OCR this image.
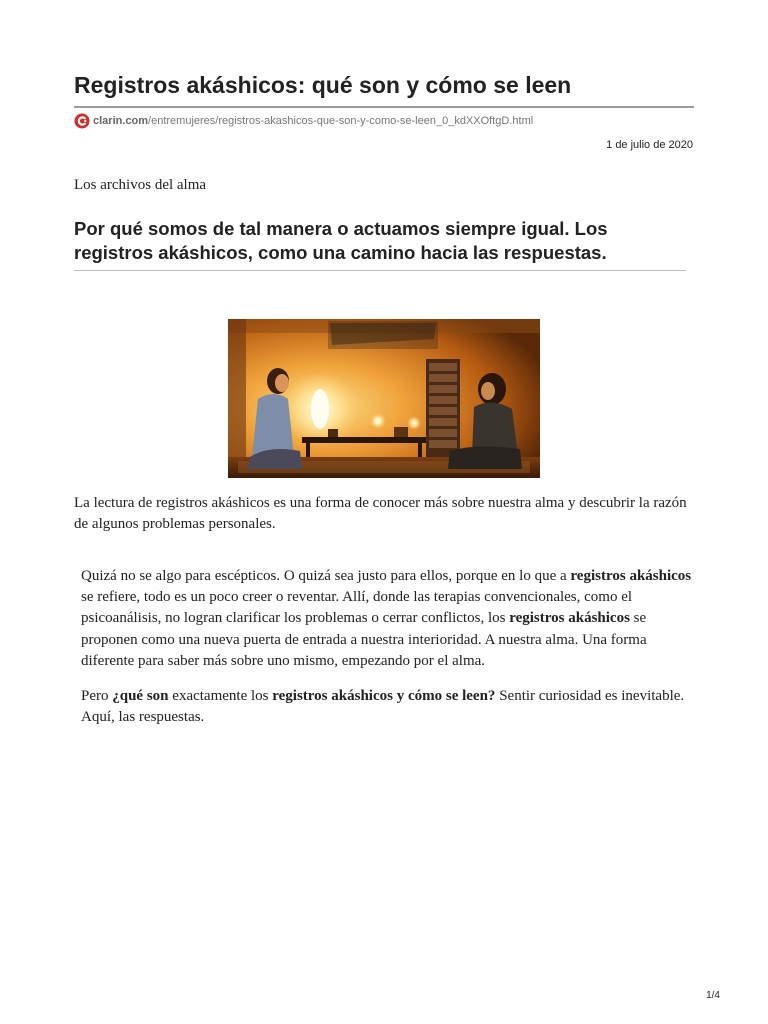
Registros akáshicos: qué son y cómo se leen
clarin.com /entremujeres/registros-akashicos-que-son-y-como-se-leen_0_kdXXOftgD.html
1 de julio de 2020
Los archivos del alma
Por qué somos de tal manera o actuamos siempre igual. Los registros akáshicos, como una camino hacia las respuestas.

La lectura de registros akáshicos es una forma de conocer más sobre nuestra alma y descubrir la razón de algunos problemas personales.

Quizá no se algo para escépticos. O quizá sea justo para ellos, porque en lo que a registros akáshicos se refiere, todo es un poco creer o reventar. Allí, donde las terapias convencionales, como el psicoanálisis, no logran clarificar los problemas o cerrar conflictos, los registros akáshicos se proponen como una nueva puerta de entrada a nuestra interioridad. A nuestra alma. Una forma diferente para saber más sobre uno mismo, empezando por el alma.

Pero ¿qué son exactamente los registros akáshicos y cómo se leen? Sentir curiosidad es inevitable. Aquí, las respuestas.

1/4
